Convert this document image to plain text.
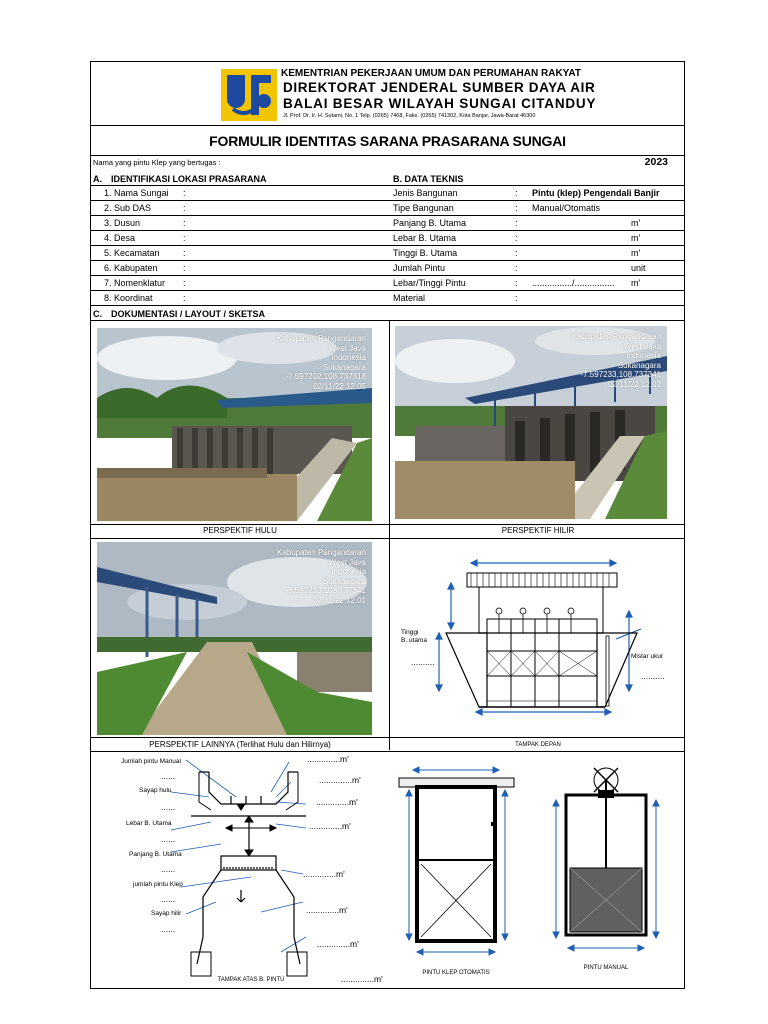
KEMENTRIAN PEKERJAAN UMUM DAN PERUMAHAN RAKYAT
DIREKTORAT JENDERAL SUMBER DAYA AIR
BALAI BESAR WILAYAH SUNGAI CITANDUY
Jl. Prof. Dr. Ir. H. Sutami, No. 1 Telp. (0265) 7468, Faks. (0265) 741302, Kota Banjar, Jawa-Barat 46300
FORMULIR IDENTITAS SARANA PRASARANA SUNGAI
Nama yang pintu Klep yang bertugas :	2023
A. IDENTIFIKASI LOKASI PRASARANA	B. DATA TEKNIS
1. Nama Sungai :	Jenis Bangunan	: Pintu (klep) Pengendali Banjir
2. Sub DAS	:	Tipe Bangunan	: Manual/Otomatis
3. Dusun	:	Panjang B. Utama	:	m'
4. Desa	:	Lebar B. Utama	:	m'
5. Kecamatan	:	Tinggi B. Utama	:	m'
6. Kabupaten	:	Jumlah Pintu	:	unit
7. Nomenklatur :	Lebar/Tinggi Pintu	: ................/................ m'
8. Koordinat	:	Material	:
C. DOKUMENTASI / LAYOUT / SKETSA
Kabupaten Pangandaran
West Java
Indonesia
Sukanagara
-7.597202,108.737318
02/11/22 12.05
Kabupaten Pangandaran
West Java
Indonesia
Sukanagara
-7.597233,108.737341
02/11/22 12.02
PERSPEKTIF HULU	PERSPEKTIF HILIR
Kabupaten Pangandaran
West Java
Indonesia
Sukanagara
-7.597233,108.737341
02/11/22 12.01
Tinggi
B. utama
..........
Mistar ukur
..........
PERSPEKTIF LAINNYA (Terlihat Hulu dan Hilirnya)	TAMPAK DEPAN
Jumlah pintu Manual
......
Sayap hulu
......
Lebar B. Utama
......
Panjang B. Utama
......
jumlah pintu Klep
......
Sayap hilir
......
..............m'
..............m'
..............m'
..............m'
..............m'
..............m'
..............m'
..............m'
TAMPAK ATAS B. PINTU
PINTU KLEP OTOMATIS
PINTU MANUAL
